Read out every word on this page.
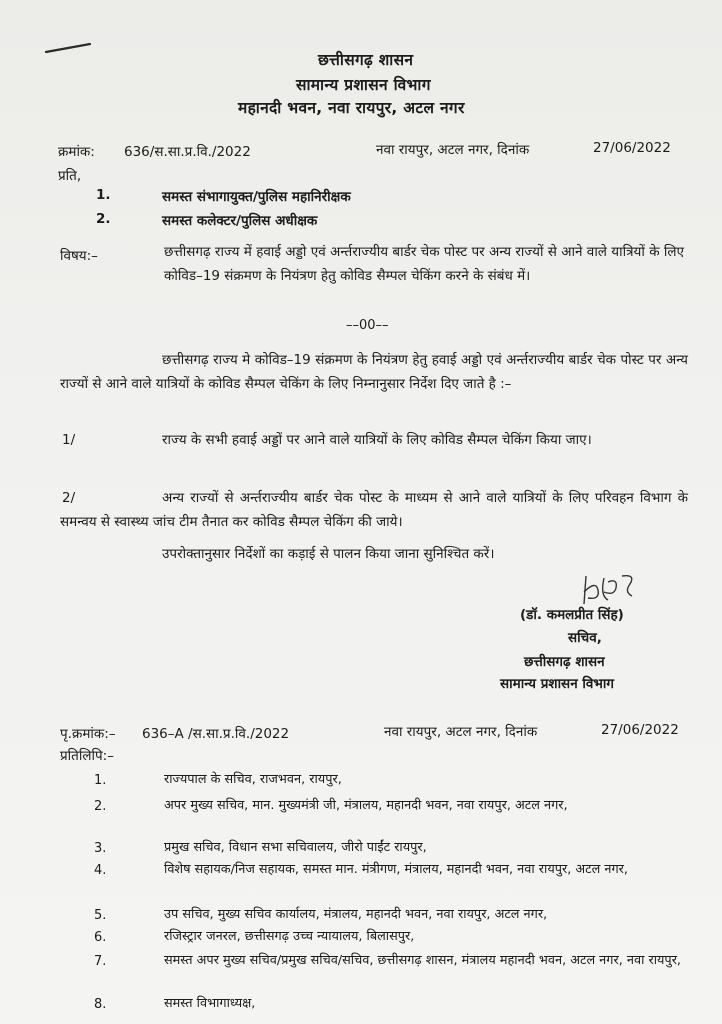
छत्तीसगढ़ शासन
सामान्य प्रशासन विभाग
महानदी भवन, नवा रायपुर, अटल नगर
क्रमांक: 636/स.सा.प्र.वि./2022	नवा रायपुर, अटल नगर, दिनांक	27/06/2022
प्रति,
1.	समस्त संभागायुक्त/पुलिस महानिरीक्षक
2.	समस्त कलेक्टर/पुलिस अधीक्षक
विषय:–	छत्तीसगढ़ राज्य में हवाई अड्डो एवं अर्न्तराज्यीय बार्डर चेक पोस्ट पर अन्य राज्यों से आने वाले यात्रियों के लिए कोविड–19 संक्रमण के नियंत्रण हेतु कोविड सैम्पल चेकिंग करने के संबंध में।
––00––
छत्तीसगढ़ राज्य मे कोविड–19 संक्रमण के नियंत्रण हेतु हवाई अड्डो एवं अर्न्तराज्यीय बार्डर चेक पोस्ट पर अन्य राज्यों से आने वाले यात्रियों के कोविड सैम्पल चेकिंग के लिए निम्नानुसार निर्देश दिए जाते है :–
1/	राज्य के सभी हवाई अड्डों पर आने वाले यात्रियों के लिए कोविड सैम्पल चेकिंग किया जाए।
2/	अन्य राज्यों से अर्न्तराज्यीय बार्डर चेक पोस्ट के माध्यम से आने वाले यात्रियों के लिए परिवहन विभाग के समन्वय से स्वास्थ्य जांच टीम तैनात कर कोविड सैम्पल चेकिंग की जाये।
उपरोक्तानुसार निर्देशों का कड़ाई से पालन किया जाना सुनिश्चित करें।
(डॉ. कमलप्रीत सिंह)
सचिव,
छत्तीसगढ़ शासन
सामान्य प्रशासन विभाग
पृ.क्रमांक:– 636–A /स.सा.प्र.वि./2022	नवा रायपुर, अटल नगर, दिनांक	27/06/2022
प्रतिलिपि:–
1.	राज्यपाल के सचिव, राजभवन, रायपुर,
2.	अपर मुख्य सचिव, मान. मुख्यमंत्री जी, मंत्रालय, महानदी भवन, नवा रायपुर, अटल नगर,
3.	प्रमुख सचिव, विधान सभा सचिवालय, जीरो पाईंट रायपुर,
4.	विशेष सहायक/निज सहायक, समस्त मान. मंत्रीगण, मंत्रालय, महानदी भवन, नवा रायपुर, अटल नगर,
5.	उप सचिव, मुख्य सचिव कार्यालय, मंत्रालय, महानदी भवन, नवा रायपुर, अटल नगर,
6.	रजिस्ट्रार जनरल, छत्तीसगढ़ उच्च न्यायालय, बिलासपुर,
7.	समस्त अपर मुख्य सचिव/प्रमुख सचिव/सचिव, छत्तीसगढ़ शासन, मंत्रालय महानदी भवन, अटल नगर, नवा रायपुर,
8.	समस्त विभागाध्यक्ष,
